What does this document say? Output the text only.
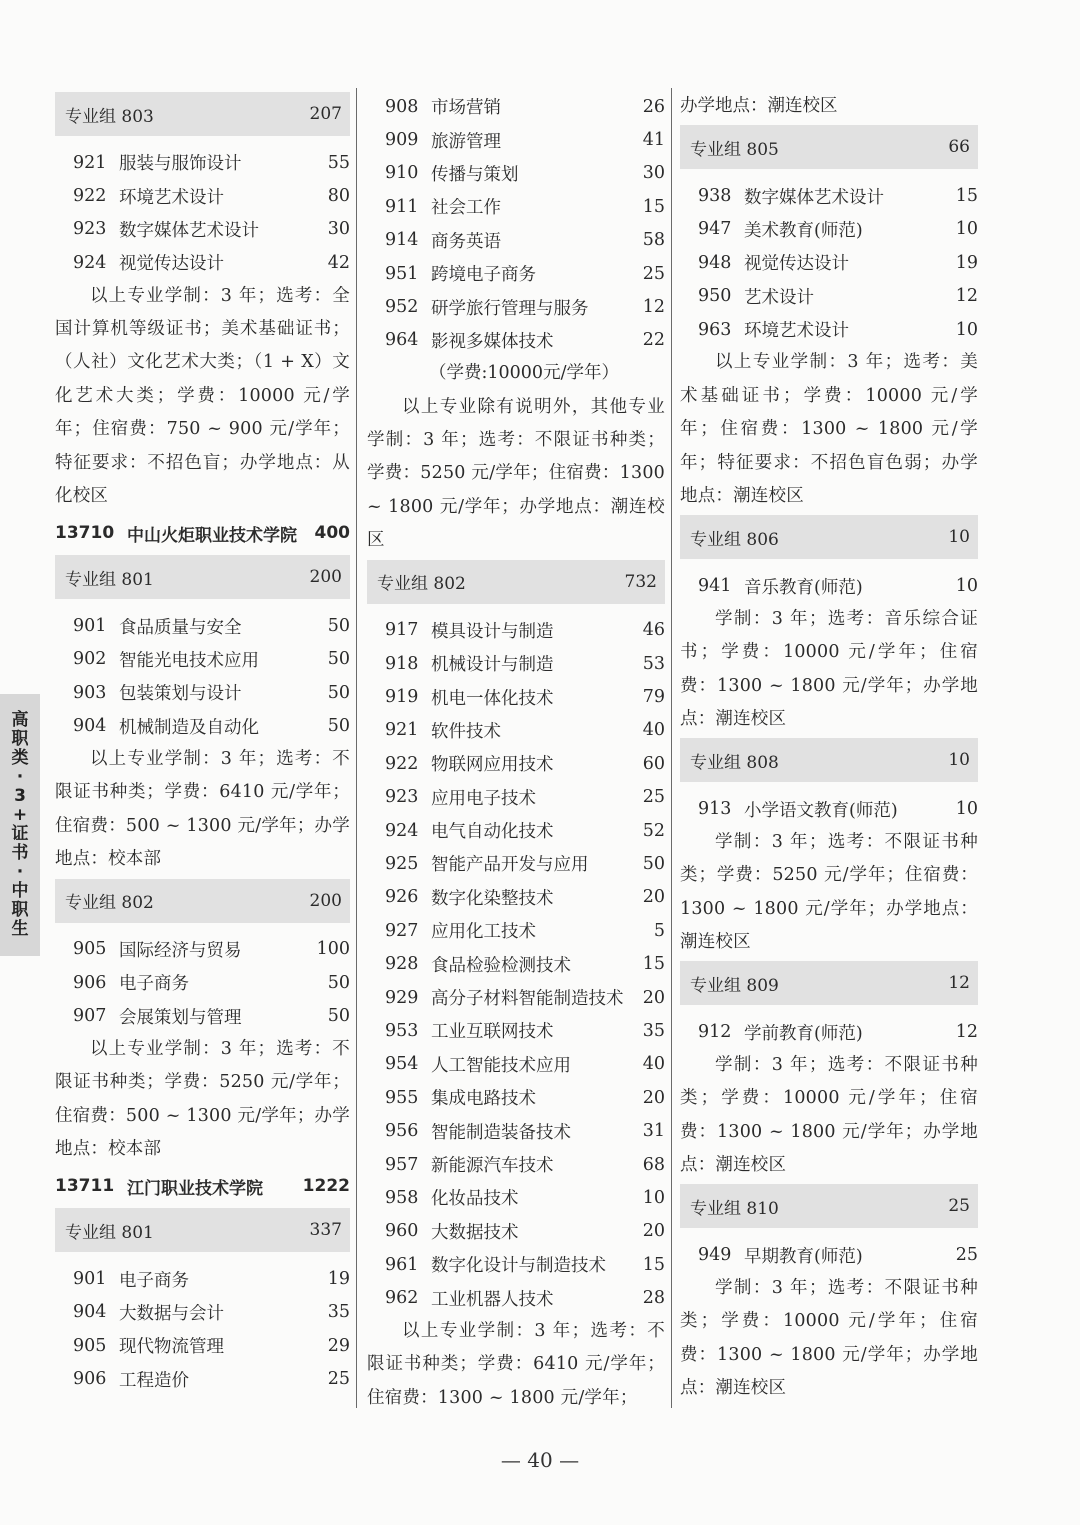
专业组 803	207
921 服装与服饰设计	55
922 环境艺术设计	80
923 数字媒体艺术设计	30
924 视觉传达设计	42
以上专业学制：3 年；选考：全国计算机等级证书；美术基础证书；（人社）文化艺术大类；（1 + X）文化艺术大类；学费：10000 元/学年；住宿费：750 ~ 900 元/学年；特征要求：不招色盲；办学地点：从化校区
13710 中山火炬职业技术学院	400
专业组 801	200
901 食品质量与安全	50
902 智能光电技术应用	50
903 包装策划与设计	50
904 机械制造及自动化	50
以上专业学制：3 年；选考：不限证书种类；学费：6410 元/学年；住宿费：500 ~ 1300 元/学年；办学地点：校本部
专业组 802	200
905 国际经济与贸易	100
906 电子商务	50
907 会展策划与管理	50
以上专业学制：3 年；选考：不限证书种类；学费：5250 元/学年；住宿费：500 ~ 1300 元/学年；办学地点：校本部
13711 江门职业技术学院	1222
专业组 801	337
901 电子商务	19
904 大数据与会计	35
905 现代物流管理	29
906 工程造价	25
908 市场营销	26
909 旅游管理	41
910 传播与策划	30
911 社会工作	15
914 商务英语	58
951 跨境电子商务	25
952 研学旅行管理与服务	12
964 影视多媒体技术	22
（学费:10000元/学年）
以上专业除有说明外，其他专业学制：3 年；选考：不限证书种类；学费：5250 元/学年；住宿费：1300 ~ 1800 元/学年；办学地点：潮连校区
专业组 802	732
917 模具设计与制造	46
918 机械设计与制造	53
919 机电一体化技术	79
921 软件技术	40
922 物联网应用技术	60
923 应用电子技术	25
924 电气自动化技术	52
925 智能产品开发与应用	50
926 数字化染整技术	20
927 应用化工技术	5
928 食品检验检测技术	15
929 高分子材料智能制造技术	20
953 工业互联网技术	35
954 人工智能技术应用	40
955 集成电路技术	20
956 智能制造装备技术	31
957 新能源汽车技术	68
958 化妆品技术	10
960 大数据技术	20
961 数字化设计与制造技术	15
962 工业机器人技术	28
以上专业学制：3 年；选考：不限证书种类；学费：6410 元/学年；住宿费：1300 ~ 1800 元/学年；
办学地点：潮连校区
专业组 805	66
938 数字媒体艺术设计	15
947 美术教育(师范)	10
948 视觉传达设计	19
950 艺术设计	12
963 环境艺术设计	10
以上专业学制：3 年；选考：美术基础证书；学费：10000 元/学年；住宿费：1300 ~ 1800 元/学年；特征要求：不招色盲色弱；办学地点：潮连校区
专业组 806	10
941 音乐教育(师范)	10
学制：3 年；选考：音乐综合证书；学费：10000 元/学年；住宿费：1300 ~ 1800 元/学年；办学地点：潮连校区
专业组 808	10
913 小学语文教育(师范)	10
学制：3 年；选考：不限证书种类；学费：5250 元/学年；住宿费：1300 ~ 1800 元/学年；办学地点：潮连校区
专业组 809	12
912 学前教育(师范)	12
学制：3 年；选考：不限证书种类；学费：10000 元/学年；住宿费：1300 ~ 1800 元/学年；办学地点：潮连校区
专业组 810	25
949 早期教育(师范)	25
学制：3 年；选考：不限证书种类；学费：10000 元/学年；住宿费：1300 ~ 1800 元/学年；办学地点：潮连校区
高
职
类
·
3
+
证
书
·
中
职
生
— 40 —
